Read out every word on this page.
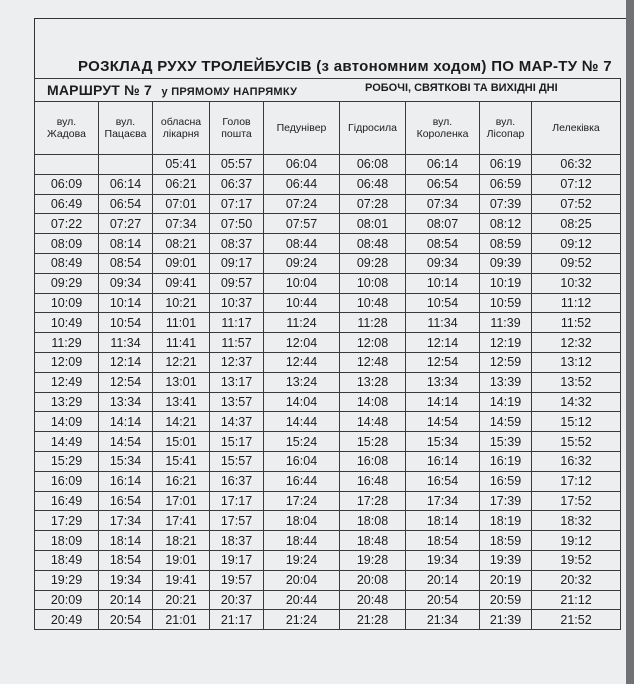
РОЗКЛАД РУХУ ТРОЛЕЙБУСІВ (з автономним ходом) ПО МАР-ТУ № 7
МАРШРУТ № 7 у ПРЯМОМУ НАПРЯМКУ РОБОЧІ, СВЯТКОВІ ТА ВИХІДНІ ДНІ								

вул. Жадова	вул. Пацаєва	обласна лікарня	Голов пошта	Педунівер	Гідросила	вул. Короленка	вул. Лісопар	Лелеківка
		05:41	05:57	06:04	06:08	06:14	06:19	06:32
06:09	06:14	06:21	06:37	06:44	06:48	06:54	06:59	07:12
06:49	06:54	07:01	07:17	07:24	07:28	07:34	07:39	07:52
07:22	07:27	07:34	07:50	07:57	08:01	08:07	08:12	08:25
08:09	08:14	08:21	08:37	08:44	08:48	08:54	08:59	09:12
08:49	08:54	09:01	09:17	09:24	09:28	09:34	09:39	09:52
09:29	09:34	09:41	09:57	10:04	10:08	10:14	10:19	10:32
10:09	10:14	10:21	10:37	10:44	10:48	10:54	10:59	11:12
10:49	10:54	11:01	11:17	11:24	11:28	11:34	11:39	11:52
11:29	11:34	11:41	11:57	12:04	12:08	12:14	12:19	12:32
12:09	12:14	12:21	12:37	12:44	12:48	12:54	12:59	13:12
12:49	12:54	13:01	13:17	13:24	13:28	13:34	13:39	13:52
13:29	13:34	13:41	13:57	14:04	14:08	14:14	14:19	14:32
14:09	14:14	14:21	14:37	14:44	14:48	14:54	14:59	15:12
14:49	14:54	15:01	15:17	15:24	15:28	15:34	15:39	15:52
15:29	15:34	15:41	15:57	16:04	16:08	16:14	16:19	16:32
16:09	16:14	16:21	16:37	16:44	16:48	16:54	16:59	17:12
16:49	16:54	17:01	17:17	17:24	17:28	17:34	17:39	17:52
17:29	17:34	17:41	17:57	18:04	18:08	18:14	18:19	18:32
18:09	18:14	18:21	18:37	18:44	18:48	18:54	18:59	19:12
18:49	18:54	19:01	19:17	19:24	19:28	19:34	19:39	19:52
19:29	19:34	19:41	19:57	20:04	20:08	20:14	20:19	20:32
20:09	20:14	20:21	20:37	20:44	20:48	20:54	20:59	21:12
20:49	20:54	21:01	21:17	21:24	21:28	21:34	21:39	21:52
